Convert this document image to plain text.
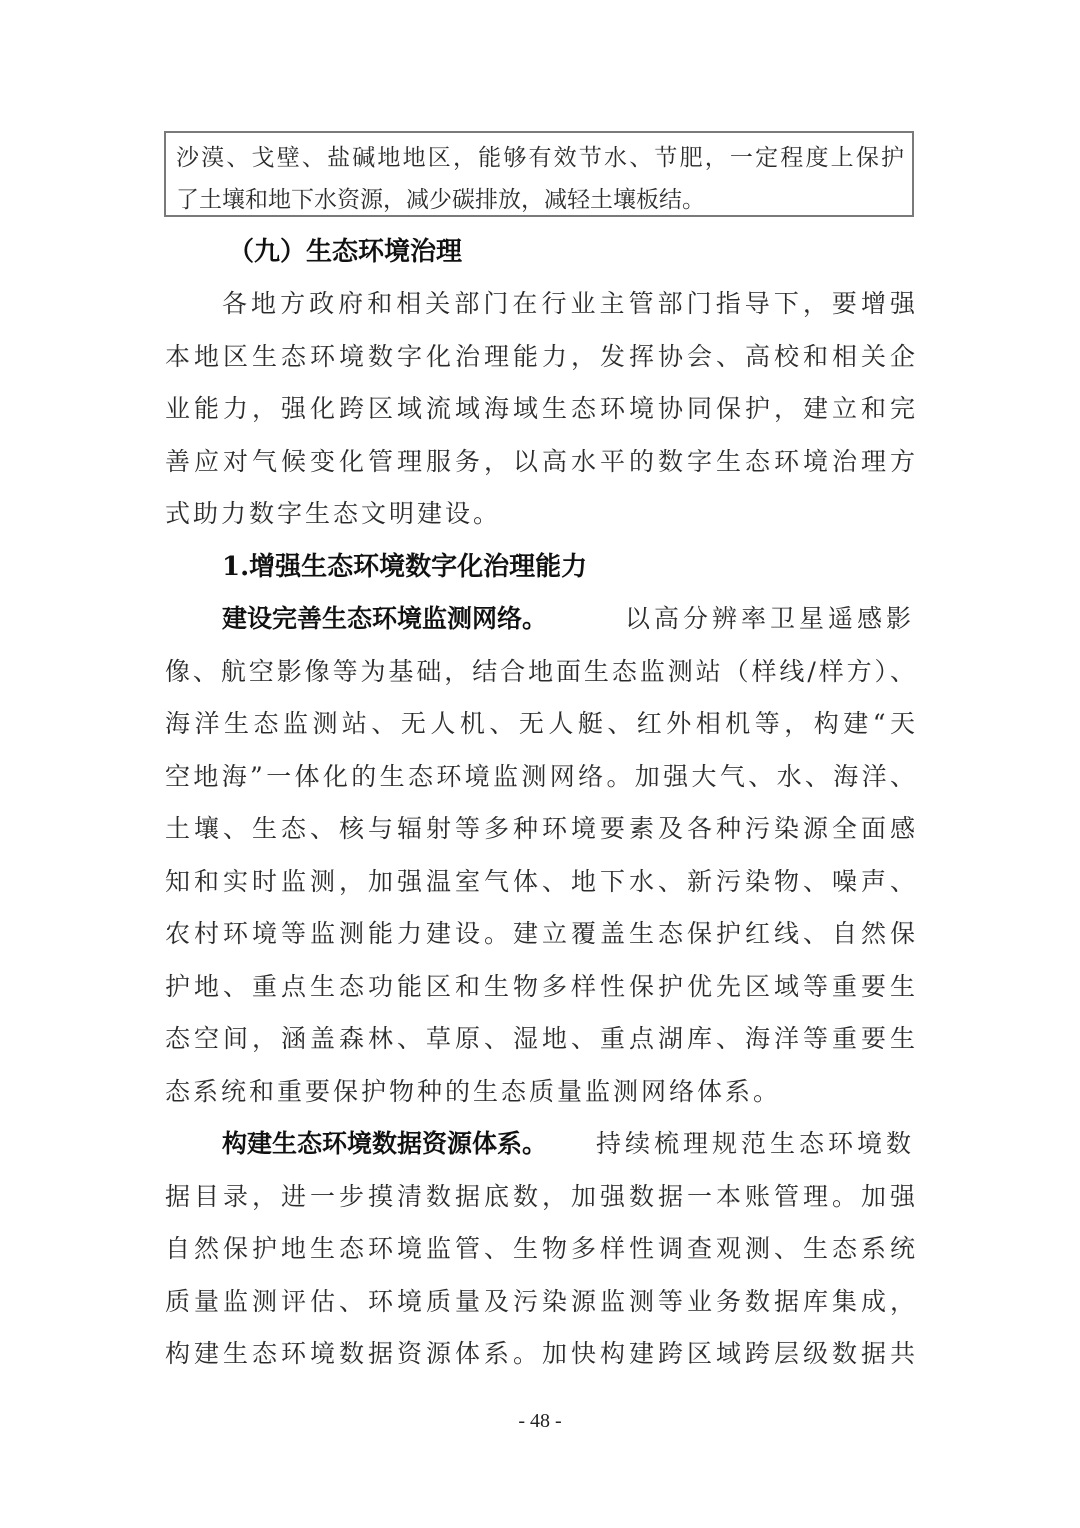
沙漠、戈壁、盐碱地地区，能够有效节水、节肥，一定程度上保护
了土壤和地下水资源，减少碳排放，减轻土壤板结。
（九）生态环境治理
各地方政府和相关部门在行业主管部门指导下，要增强
本地区生态环境数字化治理能力，发挥协会、高校和相关企
业能力，强化跨区域流域海域生态环境协同保护，建立和完
善应对气候变化管理服务，以高水平的数字生态环境治理方
式助力数字生态文明建设。
1.增强生态环境数字化治理能力
建设完善生态环境监测网络。	以高分辨率卫星遥感影
像、航空影像等为基础，结合地面生态监测站（样线/样方）、
海洋生态监测站、无人机、无人艇、红外相机等，构建“天
空地海”一体化的生态环境监测网络。加强大气、水、海洋、
土壤、生态、核与辐射等多种环境要素及各种污染源全面感
知和实时监测，加强温室气体、地下水、新污染物、噪声、
农村环境等监测能力建设。建立覆盖生态保护红线、自然保
护地、重点生态功能区和生物多样性保护优先区域等重要生
态空间，涵盖森林、草原、湿地、重点湖库、海洋等重要生
态系统和重要保护物种的生态质量监测网络体系。
构建生态环境数据资源体系。 持续梳理规范生态环境数
据目录，进一步摸清数据底数，加强数据一本账管理。加强
自然保护地生态环境监管、生物多样性调查观测、生态系统
质量监测评估、环境质量及污染源监测等业务数据库集成，
构建生态环境数据资源体系。加快构建跨区域跨层级数据共
- 48 -
